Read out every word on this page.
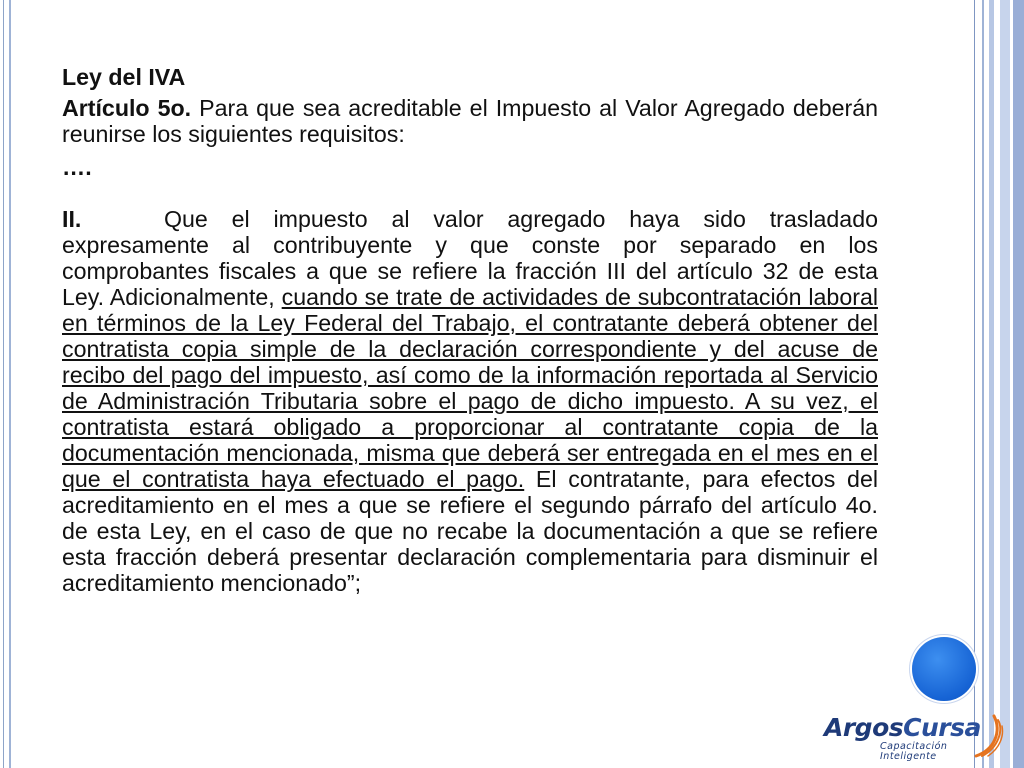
Ley del IVA

Artículo 5o. Para que sea acreditable el Impuesto al Valor Agregado deberán reunirse los siguientes requisitos:

….

II.	Que el impuesto al valor agregado haya sido trasladado expresamente al contribuyente y que conste por separado en los comprobantes fiscales a que se refiere la fracción III del artículo 32 de esta Ley. Adicionalmente, cuando se trate de actividades de subcontratación laboral en términos de la Ley Federal del Trabajo, el contratante deberá obtener del contratista copia simple de la declaración correspondiente y del acuse de recibo del pago del impuesto, así como de la información reportada al Servicio de Administración Tributaria sobre el pago de dicho impuesto. A su vez, el contratista estará obligado a proporcionar al contratante copia de la documentación mencionada, misma que deberá ser entregada en el mes en el que el contratista haya efectuado el pago. El contratante, para efectos del acreditamiento en el mes a que se refiere el segundo párrafo del artículo 4o. de esta Ley, en el caso de que no recabe la documentación a que se refiere esta fracción deberá presentar declaración complementaria para disminuir el acreditamiento mencionado”;

ArgosCursa
Capacitación
Inteligente
